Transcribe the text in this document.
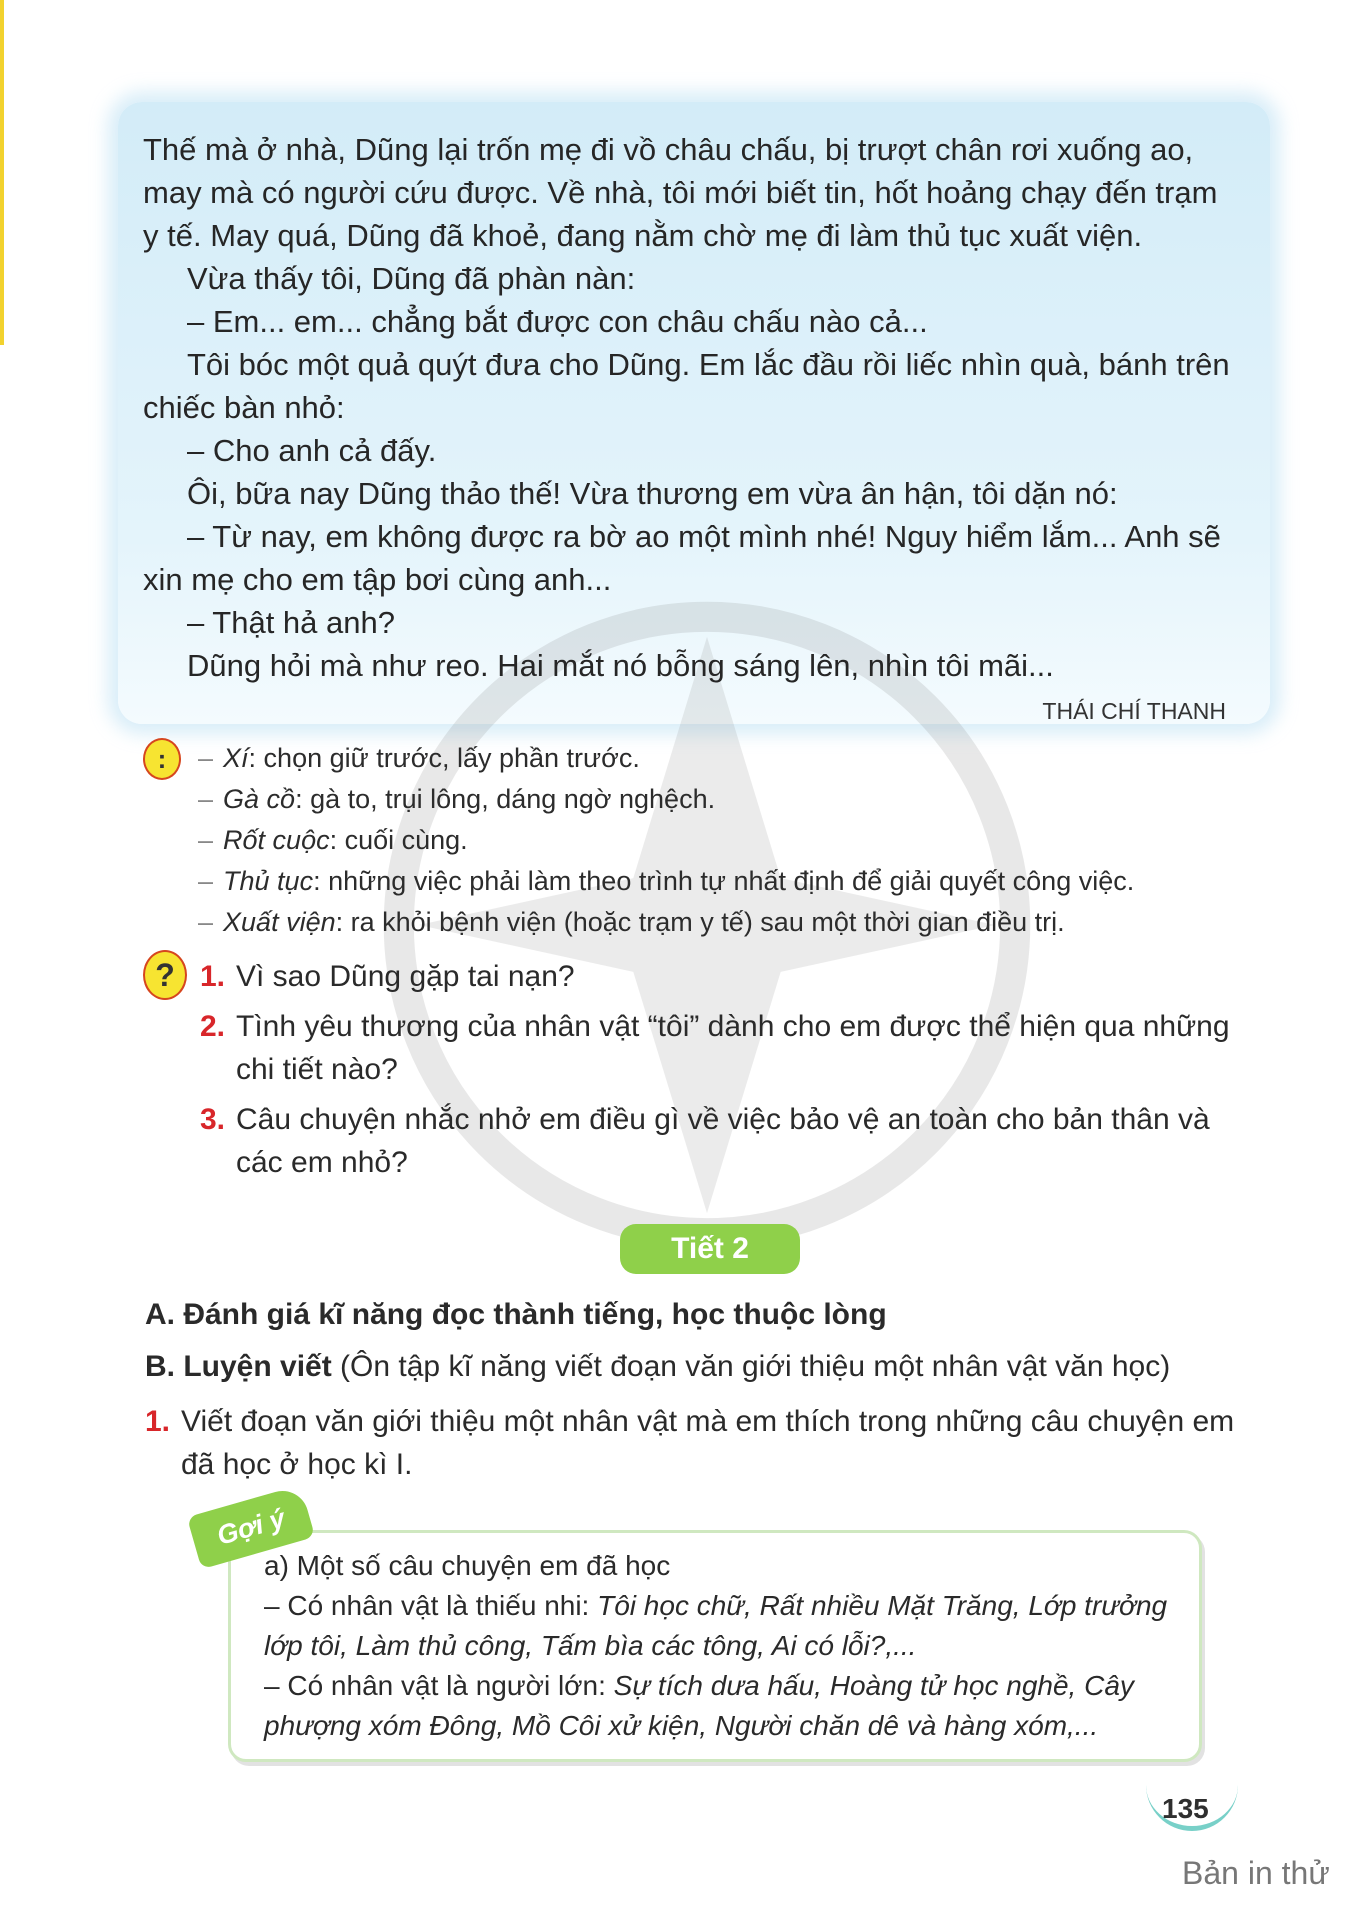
Thế mà ở nhà, Dũng lại trốn mẹ đi vồ châu chấu, bị trượt chân rơi xuống ao, may mà có người cứu được. Về nhà, tôi mới biết tin, hốt hoảng chạy đến trạm y tế. May quá, Dũng đã khoẻ, đang nằm chờ mẹ đi làm thủ tục xuất viện.

Vừa thấy tôi, Dũng đã phàn nàn:

– Em... em... chẳng bắt được con châu chấu nào cả...

Tôi bóc một quả quýt đưa cho Dũng. Em lắc đầu rồi liếc nhìn quà, bánh trên chiếc bàn nhỏ:

– Cho anh cả đấy.

Ôi, bữa nay Dũng thảo thế! Vừa thương em vừa ân hận, tôi dặn nó:

– Từ nay, em không được ra bờ ao một mình nhé! Nguy hiểm lắm... Anh sẽ xin mẹ cho em tập bơi cùng anh...

– Thật hả anh?

Dũng hỏi mà như reo. Hai mắt nó bỗng sáng lên, nhìn tôi mãi...

THÁI CHÍ THANH
:	– Xí: chọn giữ trước, lấy phần trước.
– Gà cồ: gà to, trụi lông, dáng ngờ nghệch.
– Rốt cuộc: cuối cùng.
– Thủ tục: những việc phải làm theo trình tự nhất định để giải quyết công việc.
– Xuất viện: ra khỏi bệnh viện (hoặc trạm y tế) sau một thời gian điều trị.
? 1. Vì sao Dũng gặp tai nạn?
2. Tình yêu thương của nhân vật “tôi” dành cho em được thể hiện qua những chi tiết nào?
3. Câu chuyện nhắc nhở em điều gì về việc bảo vệ an toàn cho bản thân và các em nhỏ?
Tiết 2
A. Đánh giá kĩ năng đọc thành tiếng, học thuộc lòng
B. Luyện viết (Ôn tập kĩ năng viết đoạn văn giới thiệu một nhân vật văn học)
1. Viết đoạn văn giới thiệu một nhân vật mà em thích trong những câu chuyện em đã học ở học kì I.
Gợi ý

a) Một số câu chuyện em đã học

– Có nhân vật là thiếu nhi: Tôi học chữ, Rất nhiều Mặt Trăng, Lớp trưởng lớp tôi, Làm thủ công, Tấm bìa các tông, Ai có lỗi?,...

– Có nhân vật là người lớn: Sự tích dưa hấu, Hoàng tử học nghề, Cây phượng xóm Đông, Mồ Côi xử kiện, Người chăn dê và hàng xóm,...

135
Bản in thử
